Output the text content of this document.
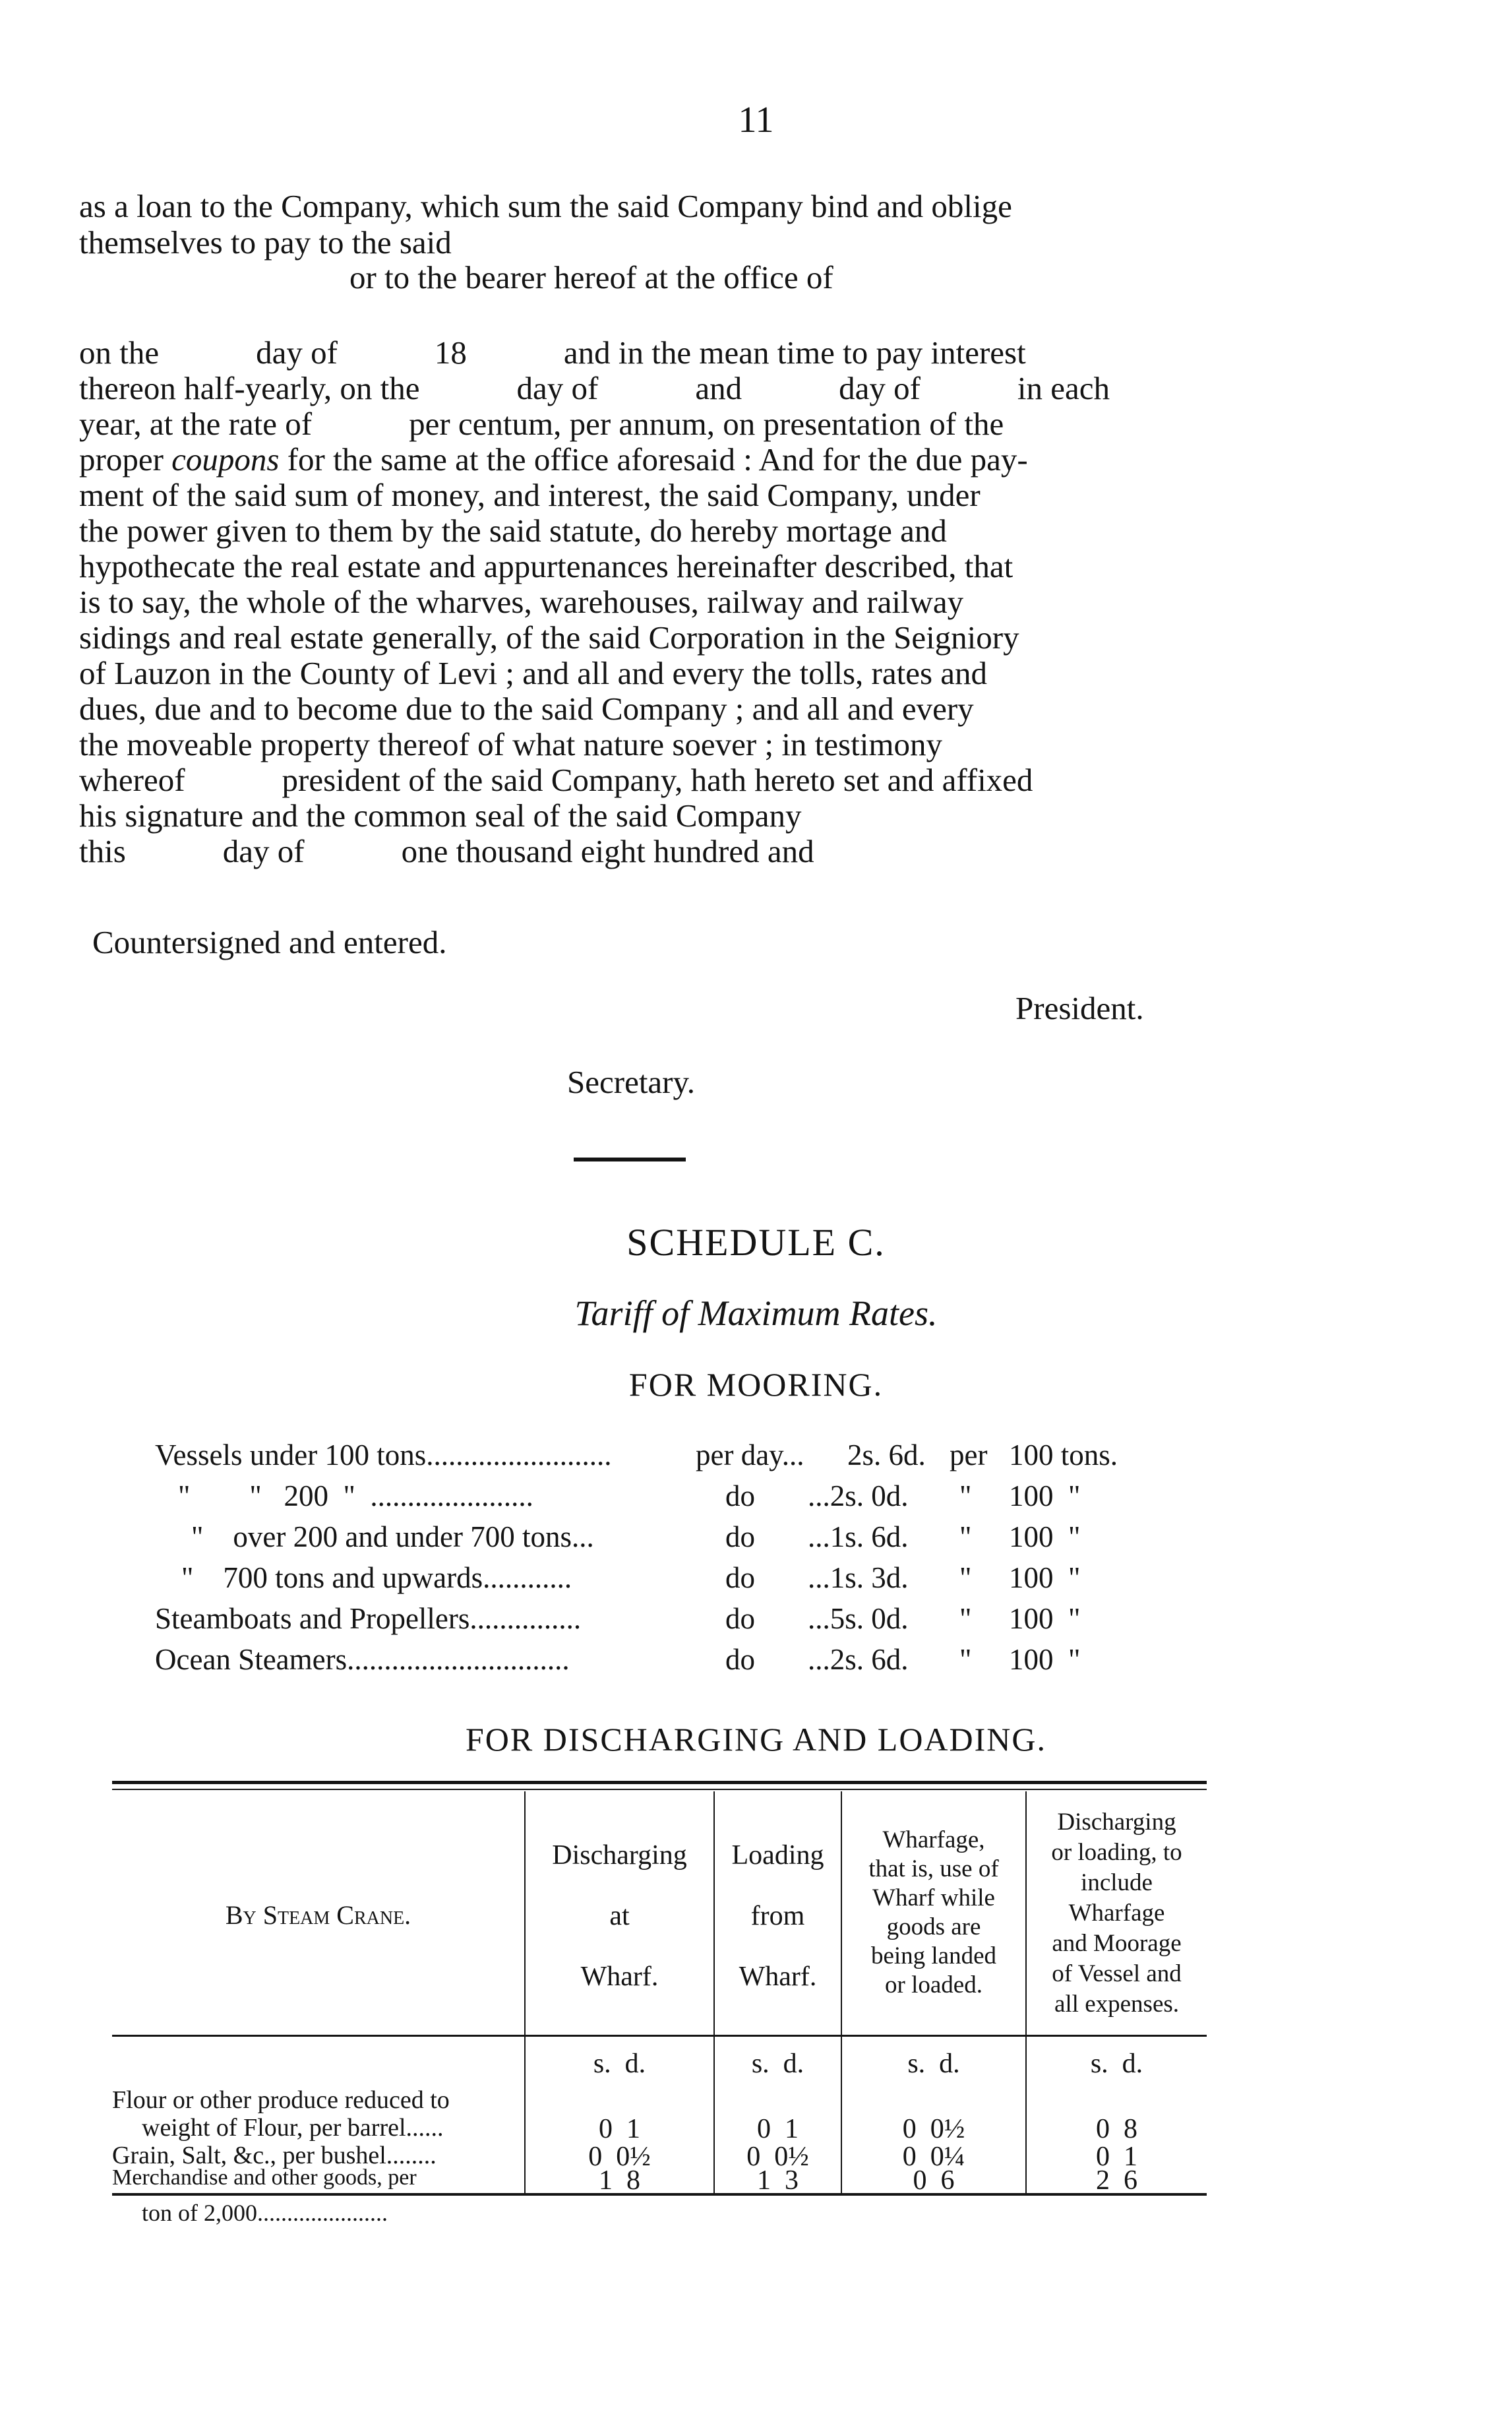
11
as a loan to the Company, which sum the said Company bind and oblige
themselves to pay to the said
or to the bearer hereof at the office of
on the            day of            18            and in the mean time to pay interest
thereon half-yearly, on the            day of            and            day of            in each
year, at the rate of            per centum, per annum, on presentation of the
proper coupons for the same at the office aforesaid : And for the due pay-
ment of the said sum of money, and interest, the said Company, under
the power given to them by the said statute, do hereby mortage and
hypothecate the real estate and appurtenances hereinafter described, that
is to say, the whole of the wharves, warehouses, railway and railway
sidings and real estate generally, of the said Corporation in the Seigniory
of Lauzon in the County of Levi ; and all and every the tolls, rates and
dues, due and to become due to the said Company ; and all and every
the moveable property thereof of what nature soever ; in testimony
whereof            president of the said Company, hath hereto set and affixed
his signature and the common seal of the said Company
this            day of            one thousand eight hundred and
Countersigned and entered.
President.
Secretary.
SCHEDULE C.
Tariff of Maximum Rates.
FOR MOORING.
Vessels under 100 tons.........................	per day... 2s. 6d. per 100 tons.
"        "   200  "  ......................	do ...2s. 0d. " 100  "
"    over 200 and under 700 tons...	do ...1s. 6d. " 100  "
"    700 tons and upwards............	do ...1s. 3d. " 100  "
Steamboats and Propellers...............	do ...5s. 0d. " 100  "
Ocean Steamers..............................	do ...2s. 6d. " 100  "
FOR DISCHARGING AND LOADING.
By Steam Crane.
Discharging

at

Wharf.
Loading

from

Wharf.
Wharfage,
that is, use of
Wharf while
goods are
being landed
or loaded.
Discharging
or loading, to
include
Wharfage
and Moorage
of Vessel and
all expenses.
s.  d.	s.  d.	s.  d.	s.  d.
Flour or other produce reduced to
weight of Flour, per barrel......	0  1	0  1	0  0½	0  8
Grain, Salt, &c., per bushel........	0  0½	0  0½	0  0¼	0  1
Merchandise and other goods, per	1  8	1  3	0  6	2  6
ton of 2,000......................
